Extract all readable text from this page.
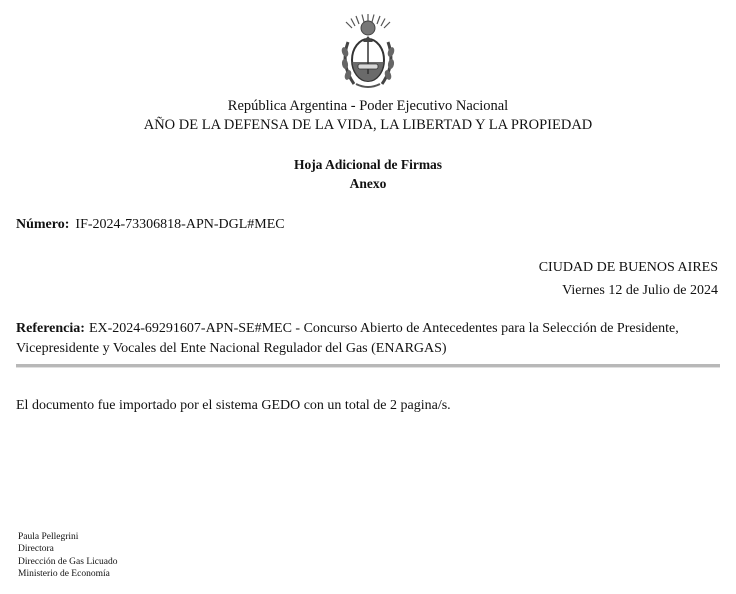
República Argentina - Poder Ejecutivo Nacional
AÑO DE LA DEFENSA DE LA VIDA, LA LIBERTAD Y LA PROPIEDAD
Hoja Adicional de Firmas
Anexo
Número: IF-2024-73306818-APN-DGL#MEC
CIUDAD DE BUENOS AIRES
Viernes 12 de Julio de 2024
Referencia: EX-2024-69291607-APN-SE#MEC - Concurso Abierto de Antecedentes para la Selección de Presidente, Vicepresidente y Vocales del Ente Nacional Regulador del Gas (ENARGAS)
El documento fue importado por el sistema GEDO con un total de 2 pagina/s.
Paula Pellegrini
Directora
Dirección de Gas Licuado
Ministerio de Economía
